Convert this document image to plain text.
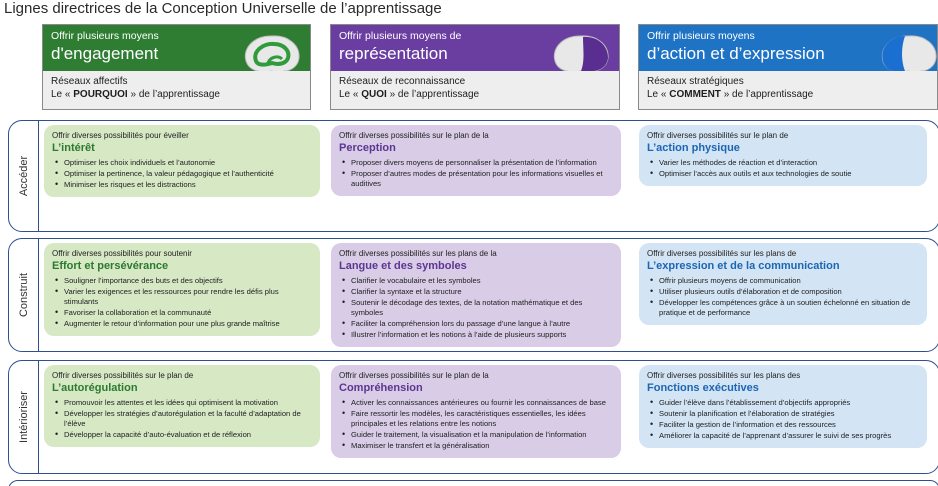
Lignes directrices de la Conception Universelle de l’apprentissage
Offrir plusieurs moyens
d'engagement
Réseaux affectifs
Le « POURQUOI » de l’apprentissage
Offrir plusieurs moyens de
représentation
Réseaux de reconnaissance
Le « QUOI » de l’apprentissage
Offrir plusieurs moyens
d’action et d’expression
Réseaux stratégiques
Le « COMMENT » de l’apprentissage
Accéder
Offrir diverses possibilités pour éveiller
L’intérêt
• Optimiser les choix individuels et l’autonomie
• Optimiser la pertinence, la valeur pédagogique et l’authenticité
• Minimiser les risques et les distractions
Offrir diverses possibilités sur le plan de la
Perception
• Proposer divers moyens de personnaliser la présentation de l’information
• Proposer d’autres modes de présentation pour les informations visuelles et auditives
Offrir diverses possibilités sur le plan de
L’action physique
• Varier les méthodes de réaction et d’interaction
• Optimiser l’accès aux outils et aux technologies de soutie
Construit
Offrir diverses possibilités pour soutenir
Effort et persévérance
• Souligner l’importance des buts et des objectifs
• Varier les exigences et les ressources pour rendre les défis plus stimulants
• Favoriser la collaboration et la communauté
• Augmenter le retour d’information pour une plus grande maîtrise
Offrir diverses possibilités sur les plans de la
Langue et des symboles
• Clarifier le vocabulaire et les symboles
• Clarifier la syntaxe et la structure
• Soutenir le décodage des textes, de la notation mathématique et des symboles
• Faciliter la compréhension lors du passage d’une langue à l’autre
• Illustrer l’information et les notions à l’aide de plusieurs supports
Offrir diverses possibilités sur les plans de
L’expression et de la communication
• Offrir plusieurs moyens de communication
• Utiliser plusieurs outils d’élaboration et de composition
• Développer les compétences grâce à un soutien échelonné en situation de pratique et de performance
Intérioriser
Offrir diverses possibilités sur le plan de
L’autorégulation
• Promouvoir les attentes et les idées qui optimisent la motivation
• Développer les stratégies d’autorégulation et la faculté d’adaptation de l’élève
• Développer la capacité d’auto-évaluation et de réflexion
Offrir diverses possibilités sur le plan de la
Compréhension
• Activer les connaissances antérieures ou fournir les connaissances de base
• Faire ressortir les modèles, les caractéristiques essentielles, les idées principales et les relations entre les notions
• Guider le traitement, la visualisation et la manipulation de l’information
• Maximiser le transfert et la généralisation
Offrir diverses possibilités sur les plans des
Fonctions exécutives
• Guider l’élève dans l’établissement d’objectifs appropriés
• Soutenir la planification et l’élaboration de stratégies
• Faciliter la gestion de l’information et des ressources
• Améliorer la capacité de l’apprenant d’assurer le suivi de ses progrès
